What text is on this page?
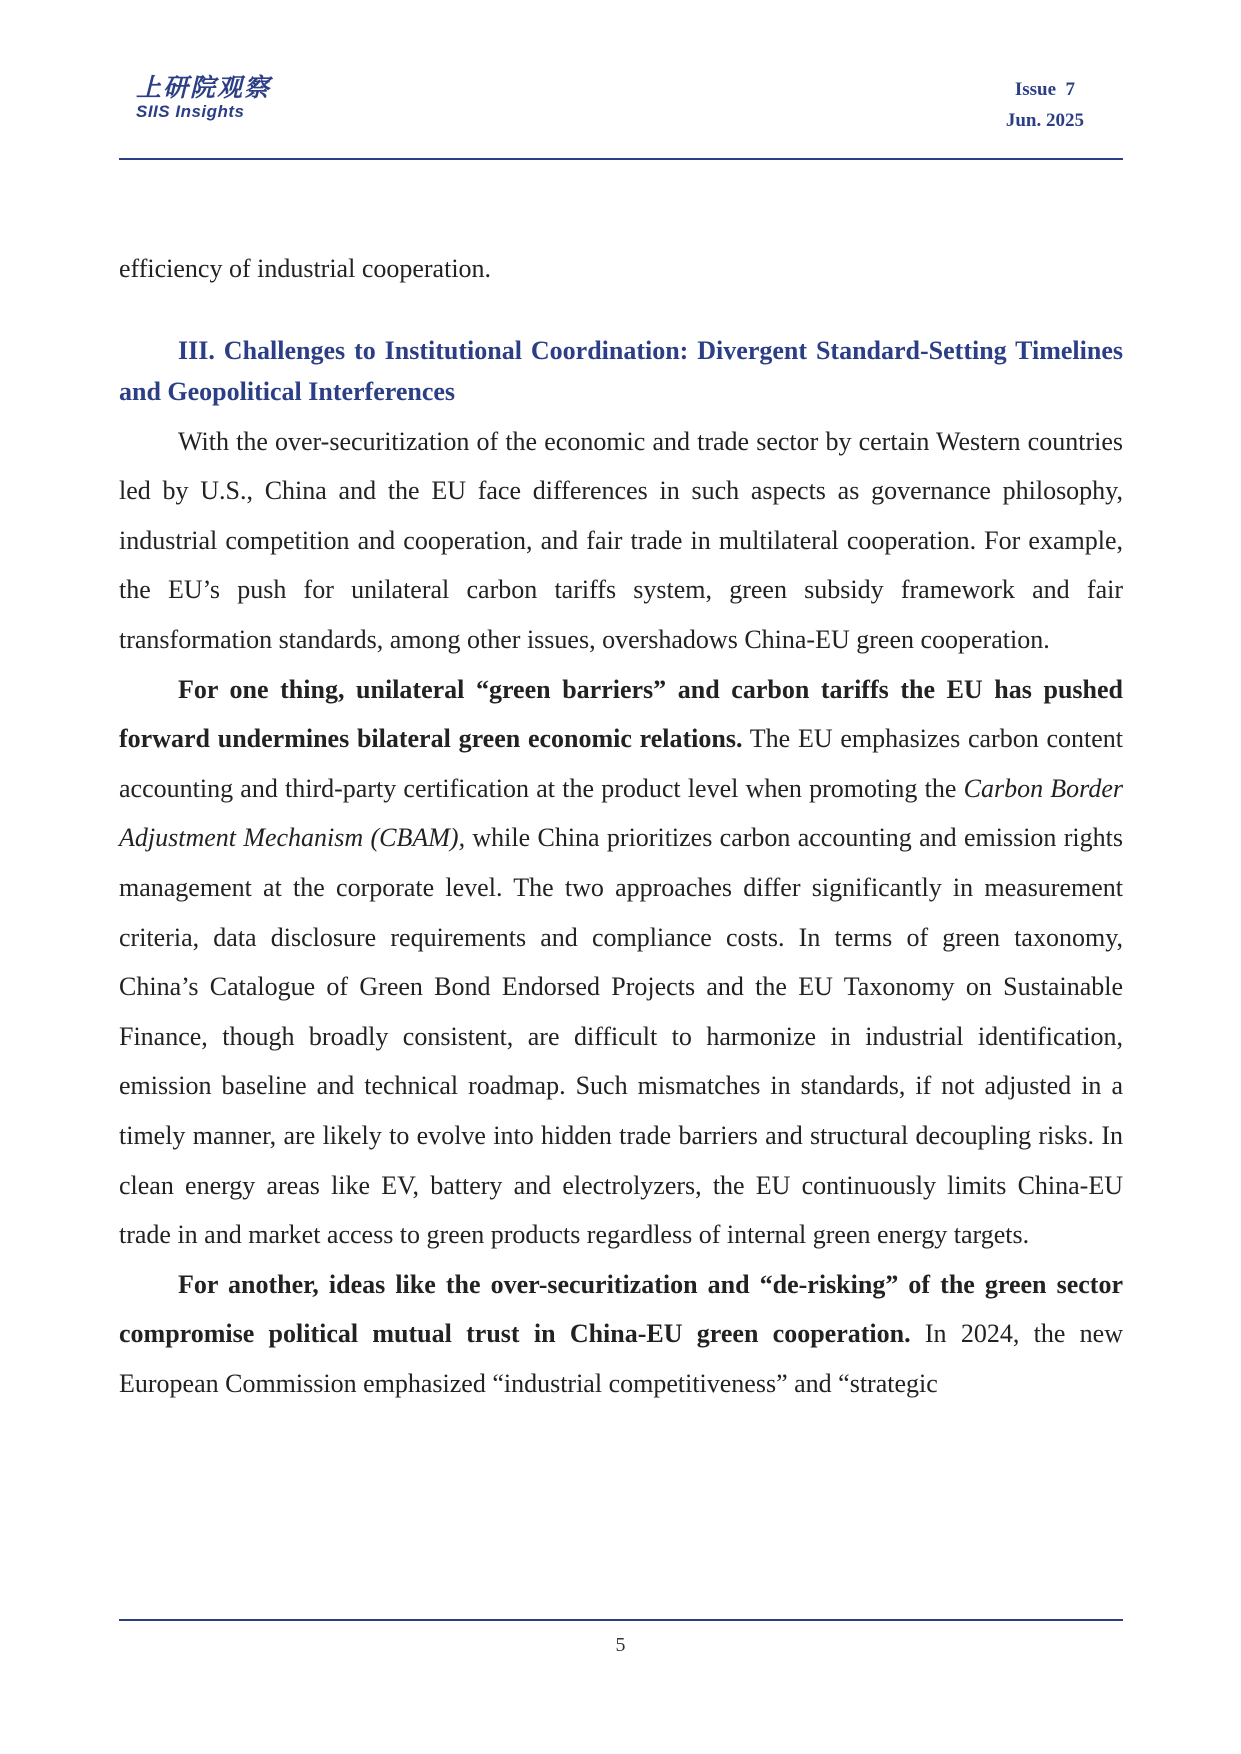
上研院观察
SIIS Insights
Issue  7
Jun. 2025

efficiency of industrial cooperation.

III. Challenges to Institutional Coordination: Divergent Standard-Setting Timelines and Geopolitical Interferences

With the over-securitization of the economic and trade sector by certain Western countries led by U.S., China and the EU face differences in such aspects as governance philosophy, industrial competition and cooperation, and fair trade in multilateral cooperation. For example, the EU’s push for unilateral carbon tariffs system, green subsidy framework and fair transformation standards, among other issues, overshadows China-EU green cooperation.

For one thing, unilateral “green barriers” and carbon tariffs the EU has pushed forward undermines bilateral green economic relations. The EU emphasizes carbon content accounting and third-party certification at the product level when promoting the Carbon Border Adjustment Mechanism (CBAM), while China prioritizes carbon accounting and emission rights management at the corporate level. The two approaches differ significantly in measurement criteria, data disclosure requirements and compliance costs. In terms of green taxonomy, China’s Catalogue of Green Bond Endorsed Projects and the EU Taxonomy on Sustainable Finance, though broadly consistent, are difficult to harmonize in industrial identification, emission baseline and technical roadmap. Such mismatches in standards, if not adjusted in a timely manner, are likely to evolve into hidden trade barriers and structural decoupling risks. In clean energy areas like EV, battery and electrolyzers, the EU continuously limits China-EU trade in and market access to green products regardless of internal green energy targets.

For another, ideas like the over-securitization and “de-risking” of the green sector compromise political mutual trust in China-EU green cooperation. In 2024, the new European Commission emphasized “industrial competitiveness” and “strategic

5
